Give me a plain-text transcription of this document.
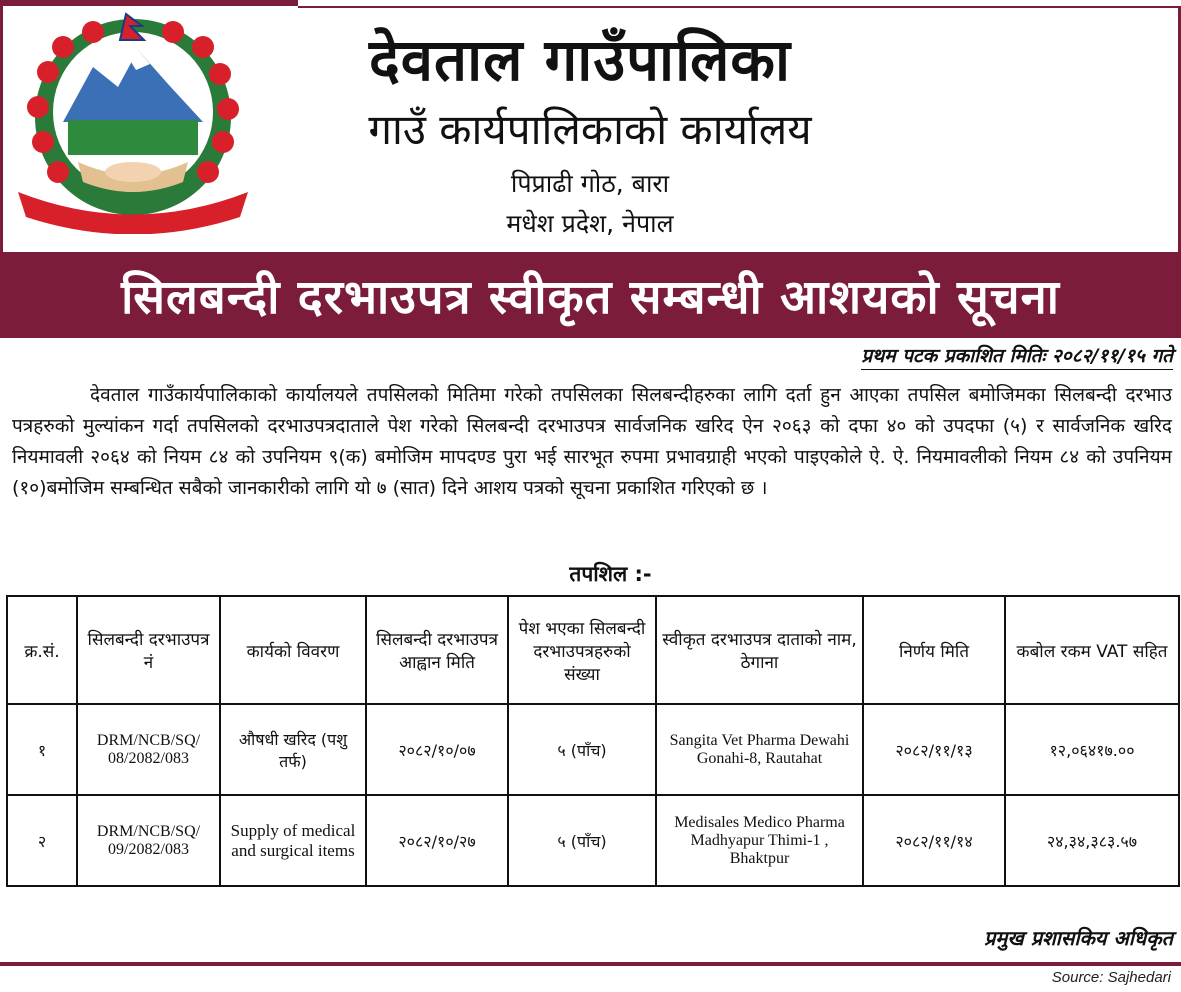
देवताल गाउँपालिका
गाउँ कार्यपालिकाको कार्यालय
पिप्राढी गोठ, बारा
मधेश प्रदेश, नेपाल
सिलबन्दी दरभाउपत्र स्वीकृत सम्बन्धी आशयको सूचना
प्रथम पटक प्रकाशित मितिः २०८२/११/१५ गते
देवताल गाउँकार्यपालिकाको कार्यालयले तपसिलको मितिमा गरेको तपसिलका सिलबन्दीहरुका लागि दर्ता हुन आएका तपसिल बमोजिमका सिलबन्दी दरभाउ पत्रहरुको मुल्यांकन गर्दा तपसिलको दरभाउपत्रदाताले पेश गरेको सिलबन्दी दरभाउपत्र सार्वजनिक खरिद ऐन २०६३ को दफा ४० को उपदफा (५) र सार्वजनिक खरिद नियमावली २०६४ को नियम ८४ को उपनियम ९(क) बमोजिम मापदण्ड पुरा भई सारभूत रुपमा प्रभावग्राही भएको पाइएकोले ऐ. ऐ. नियमावलीको नियम ८४ को उपनियम (१०)बमोजिम सम्बन्धित सबैको जानकारीको लागि यो ७ (सात) दिने आशय पत्रको सूचना प्रकाशित गरिएको छ ।
तपशिल :-
क्र.सं.	सिलबन्दी दरभाउपत्र नं	कार्यको विवरण	सिलबन्दी दरभाउपत्र आह्वान मिति	पेश भएका सिलबन्दी दरभाउपत्रहरुको संख्या	स्वीकृत दरभाउपत्र दाताको नाम, ठेगाना	निर्णय मिति	कबोल रकम VAT सहित
१	DRM/NCB/SQ/ 08/2082/083	औषधी खरिद (पशु तर्फ)	२०८२/१०/०७	५ (पाँच)	Sangita Vet Pharma Dewahi Gonahi-8, Rautahat	२०८२/११/१३	१२,०६४१७.००
२	DRM/NCB/SQ/ 09/2082/083	Supply of medical and surgical items	२०८२/१०/२७	५ (पाँच)	Medisales Medico Pharma Madhyapur Thimi-1 , Bhaktpur	२०८२/११/१४	२४,३४,३८३.५७
प्रमुख प्रशासकिय अधिकृत
Source: Sajhedari
